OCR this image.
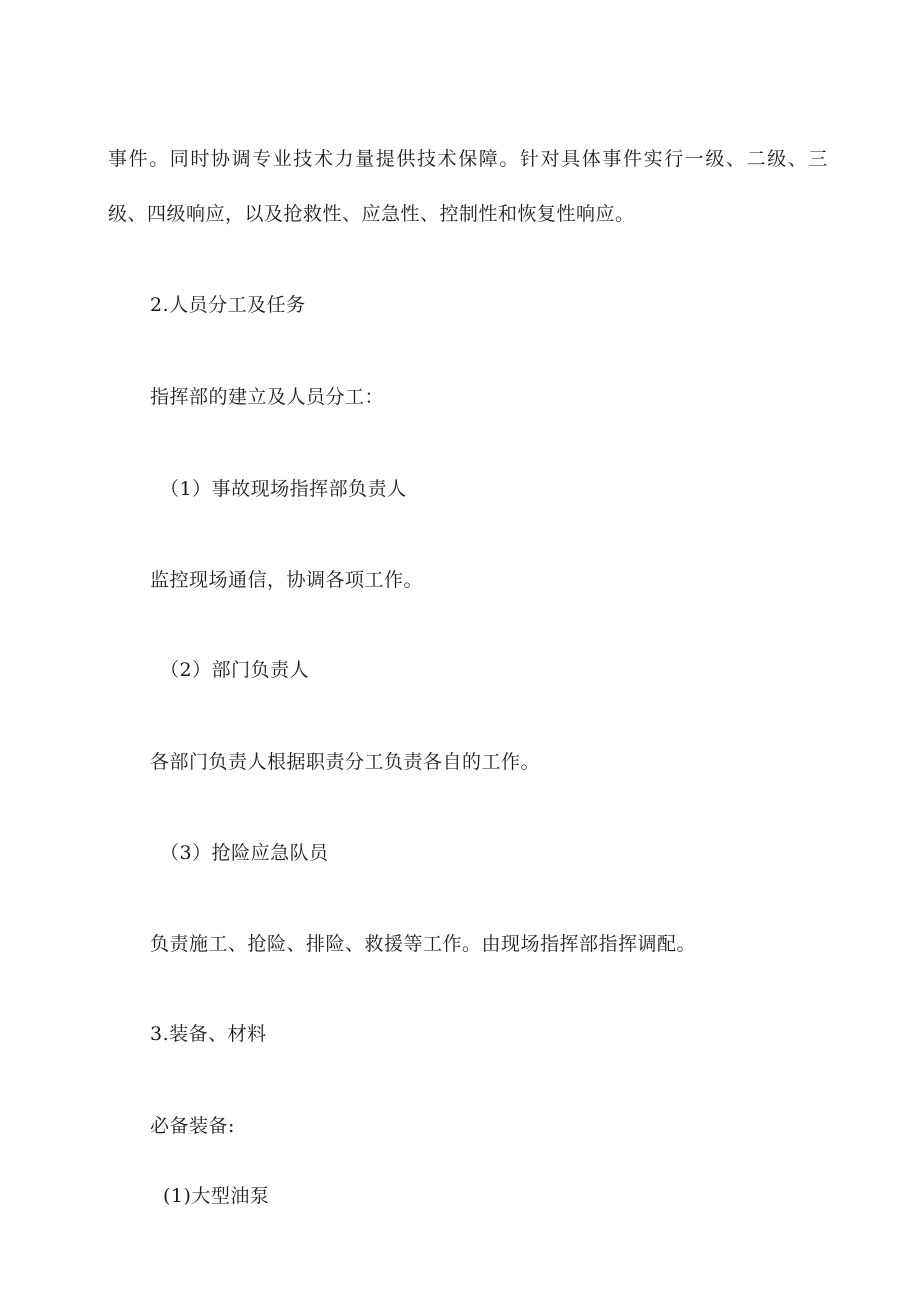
事件。同时协调专业技术力量提供技术保障。针对具体事件实行一级、二级、三

级、四级响应，以及抢救性、应急性、控制性和恢复性响应。

2.人员分工及任务

指挥部的建立及人员分工：

（1）事故现场指挥部负责人

监控现场通信，协调各项工作。

（2）部门负责人

各部门负责人根据职责分工负责各自的工作。

（3）抢险应急队员

负责施工、抢险、排险、救援等工作。由现场指挥部指挥调配。

3.装备、材料

必备装备:

(1)大型油泵
